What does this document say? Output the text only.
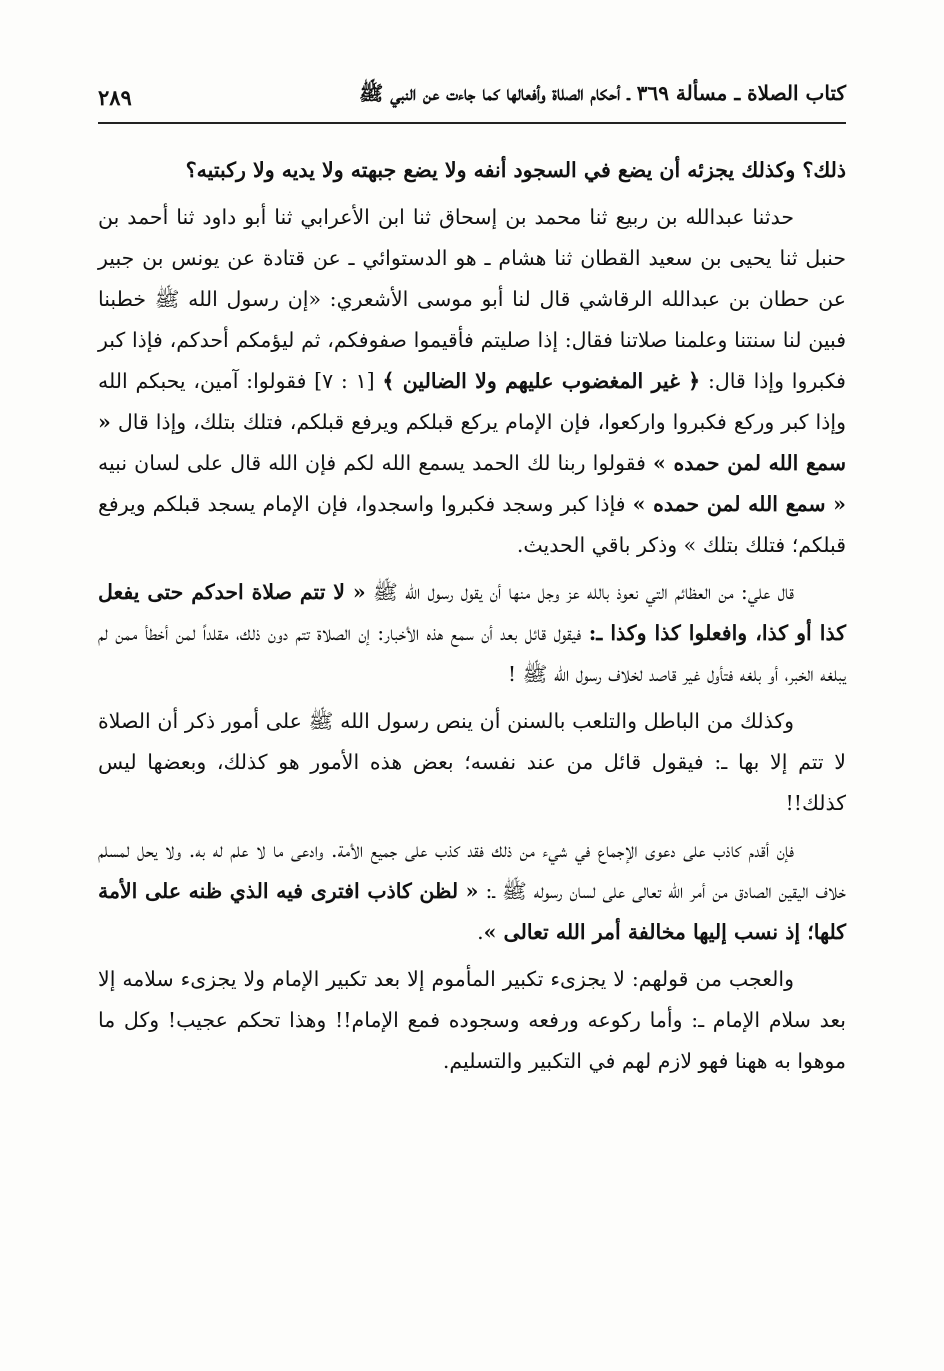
كتاب الصلاة ـ مسألة ٣٦٩ ـ أحكام الصلاة وأفعالها كما جاءت عن النبي ﷺ
٢٨٩

ذلك؟ وكذلك يجزئه أن يضع في السجود أنفه ولا يضع جبهته ولا يديه ولا ركبتيه؟

حدثنا عبدالله بن ربيع ثنا محمد بن إسحاق ثنا ابن الأعرابي ثنا أبو داود ثنا أحمد بن حنبل ثنا يحيى بن سعيد القطان ثنا هشام ـ هو الدستوائي ـ عن قتادة عن يونس بن جبير عن حطان بن عبدالله الرقاشي قال لنا أبو موسى الأشعري: «إن رسول الله ﷺ خطبنا فبين لنا سنتنا وعلمنا صلاتنا فقال: إذا صليتم فأقيموا صفوفكم، ثم ليؤمكم أحدكم، فإذا كبر فكبروا وإذا قال: ﴿ غير المغضوب عليهم ولا الضالين ﴾ [١ : ٧] فقولوا: آمين، يحبكم الله وإذا كبر وركع فكبروا واركعوا، فإن الإمام يركع قبلكم ويرفع قبلكم، فتلك بتلك، وإذا قال « سمع الله لمن حمده » فقولوا ربنا لك الحمد يسمع الله لكم فإن الله قال على لسان نبيه « سمع الله لمن حمده » فإذا كبر وسجد فكبروا واسجدوا، فإن الإمام يسجد قبلكم ويرفع قبلكم؛ فتلك بتلك » وذكر باقي الحديث.

قال علي: من العظائم التي نعوذ بالله عز وجل منها أن يقول رسول الله ﷺ « لا تتم صلاة احدكم حتى يفعل كذا أو كذا، وافعلوا كذا وكذا ـ: فيقول قائل بعد أن سمع هذه الأخبار: إن الصلاة تتم دون ذلك، مقلداً لمن أخطأ ممن لم يبلغه الخبر، أو بلغه فتأول غير قاصد لخلاف رسول الله ﷺ !

وكذلك من الباطل والتلعب بالسنن أن ينص رسول الله ﷺ على أمور ذكر أن الصلاة لا تتم إلا بها ـ: فيقول قائل من عند نفسه؛ بعض هذه الأمور هو كذلك، وبعضها ليس كذلك!!

فإن أقدم كاذب على دعوى الإجماع في شيء من ذلك فقد كذب على جميع الأمة. وادعى ما لا علم له به. ولا يحل لمسلم خلاف اليقين الصادق من أمر الله تعالى على لسان رسوله ﷺ ـ: « لظن كاذب افترى فيه الذي ظنه على الأمة كلها؛ إذ نسب إليها مخالفة أمر الله تعالى ».

والعجب من قولهم: لا يجزىء تكبير المأموم إلا بعد تكبير الإمام ولا يجزىء سلامه إلا بعد سلام الإمام ـ: وأما ركوعه ورفعه وسجوده فمع الإمام!! وهذا تحكم عجيب! وكل ما موهوا به ههنا فهو لازم لهم في التكبير والتسليم.
